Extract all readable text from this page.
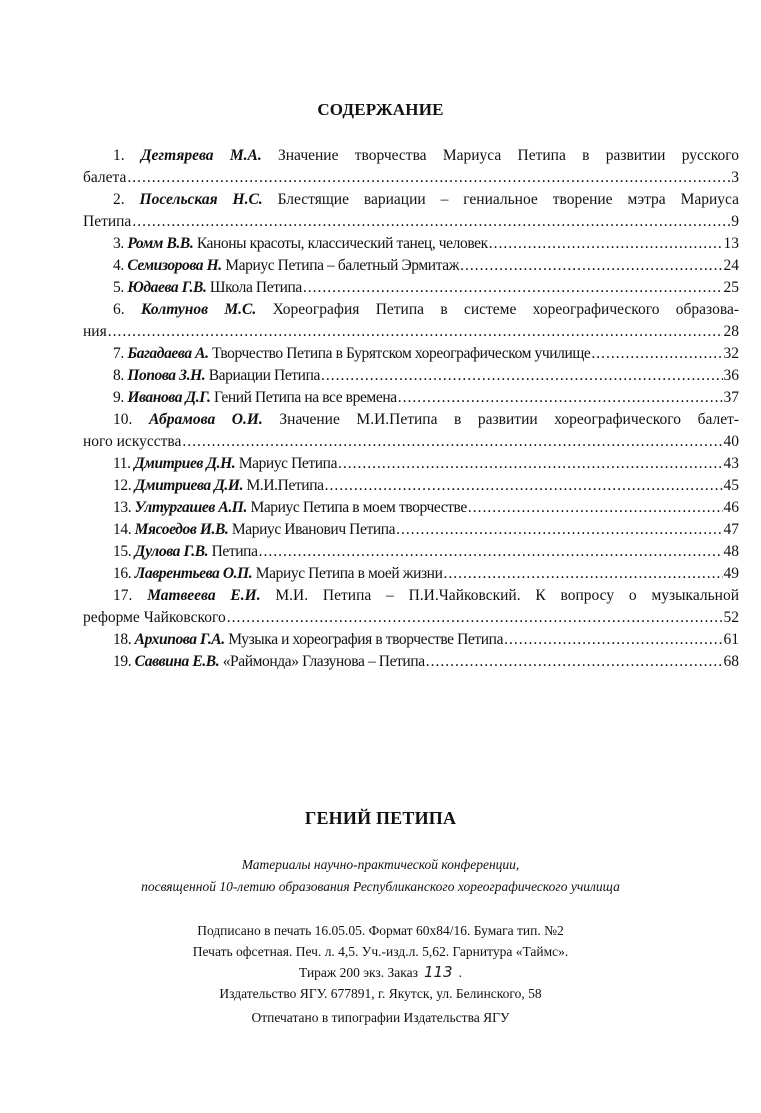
СОДЕРЖАНИЕ
1. Дегтярева М.А. Значение творчества Мариуса Петипа в развитии русского
балета .....	3
2. Посельская Н.С. Блестящие вариации – гениальное творение мэтра Мариуса
Петипа .....	9
3. Ромм В.В. Каноны красоты, классический танец, человек .....	13
4. Семизорова Н. Мариус Петипа – балетный Эрмитаж .....	24
5. Юдаева Г.В. Школа Петипа .....	25
6. Колтунов М.С. Хореография Петипа в системе хореографического образова-
ния .....	28
7. Багадаева А. Творчество Петипа в Бурятском хореографическом училище .....	32
8. Попова З.Н. Вариации Петипа .....	36
9. Иванова Д.Г. Гений Петипа на все времена .....	37
10. Абрамова О.И. Значение М.И.Петипа в развитии хореографического балет-
ного искусства .....	40
11. Дмитриев Д.Н. Мариус Петипа .....	43
12. Дмитриева Д.И. М.И.Петипа .....	45
13. Ултургашев А.П. Мариус Петипа в моем творчестве .....	46
14. Мясоедов И.В. Мариус Иванович Петипа .....	47
15. Дулова Г.В. Петипа .....	48
16. Лаврентьева О.П. Мариус Петипа в моей жизни .....	49
17. Матвеева Е.И. М.И. Петипа – П.И.Чайковский. К вопросу о музыкальной
реформе Чайковского .....	52
18. Архипова Г.А. Музыка и хореография в творчестве Петипа .....	61
19. Саввина Е.В. «Раймонда» Глазунова – Петипа .....	68
ГЕНИЙ ПЕТИПА
Материалы научно-практической конференции,
посвященной 10-летию образования Республиканского хореографического училища
Подписано в печать 16.05.05. Формат 60х84/16. Бумага тип. №2
Печать офсетная. Печ. л. 4,5. Уч.-изд.л. 5,62. Гарнитура «Таймс».
Тираж 200 экз. Заказ 113 .
Издательство ЯГУ. 677891, г. Якутск, ул. Белинского, 58
Отпечатано в типографии Издательства ЯГУ
